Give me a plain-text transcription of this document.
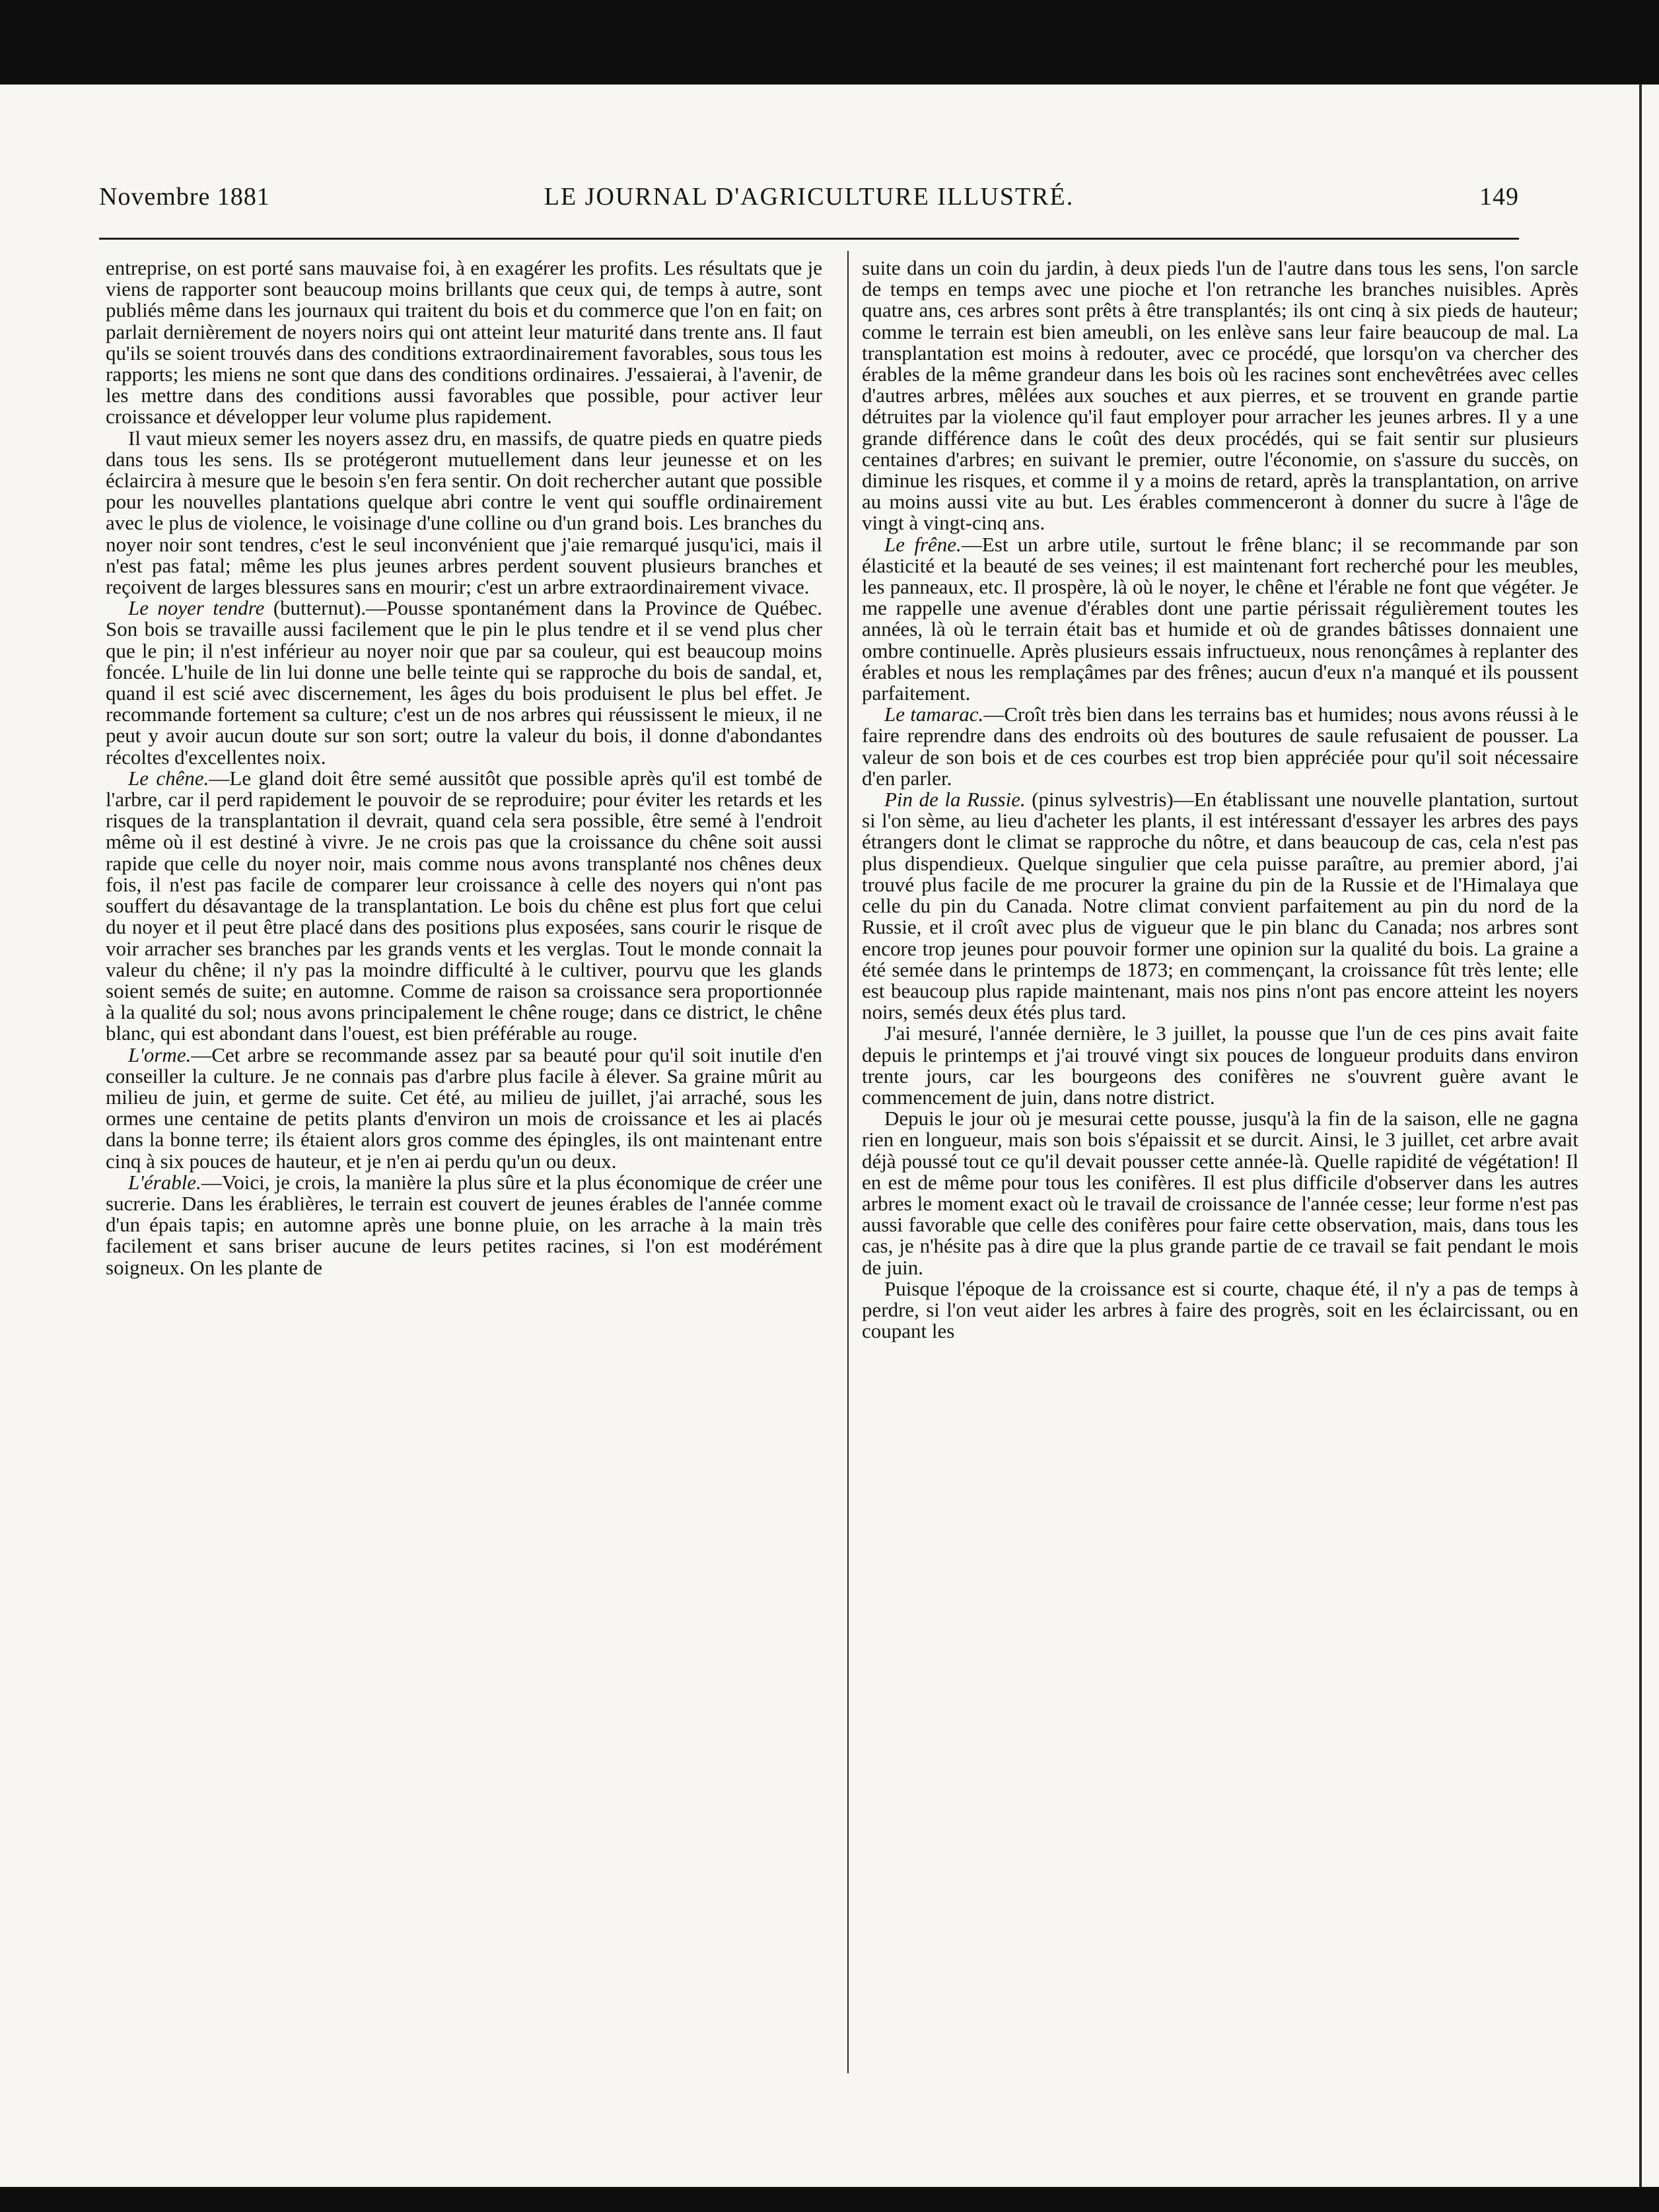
Novembre 1881	LE JOURNAL D'AGRICULTURE ILLUSTRÉ.	149

entreprise, on est porté sans mauvaise foi, à en exagérer les profits. Les résultats que je viens de rapporter sont beaucoup moins brillants que ceux qui, de temps à autre, sont publiés même dans les journaux qui traitent du bois et du commerce que l'on en fait; on parlait dernièrement de noyers noirs qui ont atteint leur maturité dans trente ans. Il faut qu'ils se soient trouvés dans des conditions extraordinairement favorables, sous tous les rapports; les miens ne sont que dans des conditions ordinaires. J'essaierai, à l'avenir, de les mettre dans des conditions aussi favorables que possible, pour activer leur croissance et développer leur volume plus rapidement.

Il vaut mieux semer les noyers assez dru, en massifs, de quatre pieds en quatre pieds dans tous les sens. Ils se protégeront mutuellement dans leur jeunesse et on les éclaircira à mesure que le besoin s'en fera sentir. On doit rechercher autant que possible pour les nouvelles plantations quelque abri contre le vent qui souffle ordinairement avec le plus de violence, le voisinage d'une colline ou d'un grand bois. Les branches du noyer noir sont tendres, c'est le seul inconvénient que j'aie remarqué jusqu'ici, mais il n'est pas fatal; même les plus jeunes arbres perdent souvent plusieurs branches et reçoivent de larges blessures sans en mourir; c'est un arbre extraordinairement vivace.

Le noyer tendre (butternut).—Pousse spontanément dans la Province de Québec. Son bois se travaille aussi facilement que le pin le plus tendre et il se vend plus cher que le pin; il n'est inférieur au noyer noir que par sa couleur, qui est beaucoup moins foncée. L'huile de lin lui donne une belle teinte qui se rapproche du bois de sandal, et, quand il est scié avec discernement, les âges du bois produisent le plus bel effet. Je recommande fortement sa culture; c'est un de nos arbres qui réussissent le mieux, il ne peut y avoir aucun doute sur son sort; outre la valeur du bois, il donne d'abondantes récoltes d'excellentes noix.

Le chêne.—Le gland doit être semé aussitôt que possible après qu'il est tombé de l'arbre, car il perd rapidement le pouvoir de se reproduire; pour éviter les retards et les risques de la transplantation il devrait, quand cela sera possible, être semé à l'endroit même où il est destiné à vivre. Je ne crois pas que la croissance du chêne soit aussi rapide que celle du noyer noir, mais comme nous avons transplanté nos chênes deux fois, il n'est pas facile de comparer leur croissance à celle des noyers qui n'ont pas souffert du désavantage de la transplantation. Le bois du chêne est plus fort que celui du noyer et il peut être placé dans des positions plus exposées, sans courir le risque de voir arracher ses branches par les grands vents et les verglas. Tout le monde connait la valeur du chêne; il n'y pas la moindre difficulté à le cultiver, pourvu que les glands soient semés de suite; en automne. Comme de raison sa croissance sera proportionnée à la qualité du sol; nous avons principalement le chêne rouge; dans ce district, le chêne blanc, qui est abondant dans l'ouest, est bien préférable au rouge.

L'orme.—Cet arbre se recommande assez par sa beauté pour qu'il soit inutile d'en conseiller la culture. Je ne connais pas d'arbre plus facile à élever. Sa graine mûrit au milieu de juin, et germe de suite. Cet été, au milieu de juillet, j'ai arraché, sous les ormes une centaine de petits plants d'environ un mois de croissance et les ai placés dans la bonne terre; ils étaient alors gros comme des épingles, ils ont maintenant entre cinq à six pouces de hauteur, et je n'en ai perdu qu'un ou deux.

L'érable.—Voici, je crois, la manière la plus sûre et la plus économique de créer une sucrerie. Dans les érablières, le terrain est couvert de jeunes érables de l'année comme d'un épais tapis; en automne après une bonne pluie, on les arrache à la main très facilement et sans briser aucune de leurs petites racines, si l'on est modérément soigneux. On les plante de

suite dans un coin du jardin, à deux pieds l'un de l'autre dans tous les sens, l'on sarcle de temps en temps avec une pioche et l'on retranche les branches nuisibles. Après quatre ans, ces arbres sont prêts à être transplantés; ils ont cinq à six pieds de hauteur; comme le terrain est bien ameubli, on les enlève sans leur faire beaucoup de mal. La transplantation est moins à redouter, avec ce procédé, que lorsqu'on va chercher des érables de la même grandeur dans les bois où les racines sont enchevêtrées avec celles d'autres arbres, mêlées aux souches et aux pierres, et se trouvent en grande partie détruites par la violence qu'il faut employer pour arracher les jeunes arbres. Il y a une grande différence dans le coût des deux procédés, qui se fait sentir sur plusieurs centaines d'arbres; en suivant le premier, outre l'économie, on s'assure du succès, on diminue les risques, et comme il y a moins de retard, après la transplantation, on arrive au moins aussi vite au but. Les érables commenceront à donner du sucre à l'âge de vingt à vingt-cinq ans.

Le frêne.—Est un arbre utile, surtout le frêne blanc; il se recommande par son élasticité et la beauté de ses veines; il est maintenant fort recherché pour les meubles, les panneaux, etc. Il prospère, là où le noyer, le chêne et l'érable ne font que végéter. Je me rappelle une avenue d'érables dont une partie périssait régulièrement toutes les années, là où le terrain était bas et humide et où de grandes bâtisses donnaient une ombre continuelle. Après plusieurs essais infructueux, nous renonçâmes à replanter des érables et nous les remplaçâmes par des frênes; aucun d'eux n'a manqué et ils poussent parfaitement.

Le tamarac.—Croît très bien dans les terrains bas et humides; nous avons réussi à le faire reprendre dans des endroits où des boutures de saule refusaient de pousser. La valeur de son bois et de ces courbes est trop bien appréciée pour qu'il soit nécessaire d'en parler.

Pin de la Russie. (pinus sylvestris)—En établissant une nouvelle plantation, surtout si l'on sème, au lieu d'acheter les plants, il est intéressant d'essayer les arbres des pays étrangers dont le climat se rapproche du nôtre, et dans beaucoup de cas, cela n'est pas plus dispendieux. Quelque singulier que cela puisse paraître, au premier abord, j'ai trouvé plus facile de me procurer la graine du pin de la Russie et de l'Himalaya que celle du pin du Canada. Notre climat convient parfaitement au pin du nord de la Russie, et il croît avec plus de vigueur que le pin blanc du Canada; nos arbres sont encore trop jeunes pour pouvoir former une opinion sur la qualité du bois. La graine a été semée dans le printemps de 1873; en commençant, la croissance fût très lente; elle est beaucoup plus rapide maintenant, mais nos pins n'ont pas encore atteint les noyers noirs, semés deux étés plus tard.

J'ai mesuré, l'année dernière, le 3 juillet, la pousse que l'un de ces pins avait faite depuis le printemps et j'ai trouvé vingt six pouces de longueur produits dans environ trente jours, car les bourgeons des conifères ne s'ouvrent guère avant le commencement de juin, dans notre district.

Depuis le jour où je mesurai cette pousse, jusqu'à la fin de la saison, elle ne gagna rien en longueur, mais son bois s'épaissit et se durcit. Ainsi, le 3 juillet, cet arbre avait déjà poussé tout ce qu'il devait pousser cette année-là. Quelle rapidité de végétation! Il en est de même pour tous les conifères. Il est plus difficile d'observer dans les autres arbres le moment exact où le travail de croissance de l'année cesse; leur forme n'est pas aussi favorable que celle des conifères pour faire cette observation, mais, dans tous les cas, je n'hésite pas à dire que la plus grande partie de ce travail se fait pendant le mois de juin.

Puisque l'époque de la croissance est si courte, chaque été, il n'y a pas de temps à perdre, si l'on veut aider les arbres à faire des progrès, soit en les éclaircissant, ou en coupant les
